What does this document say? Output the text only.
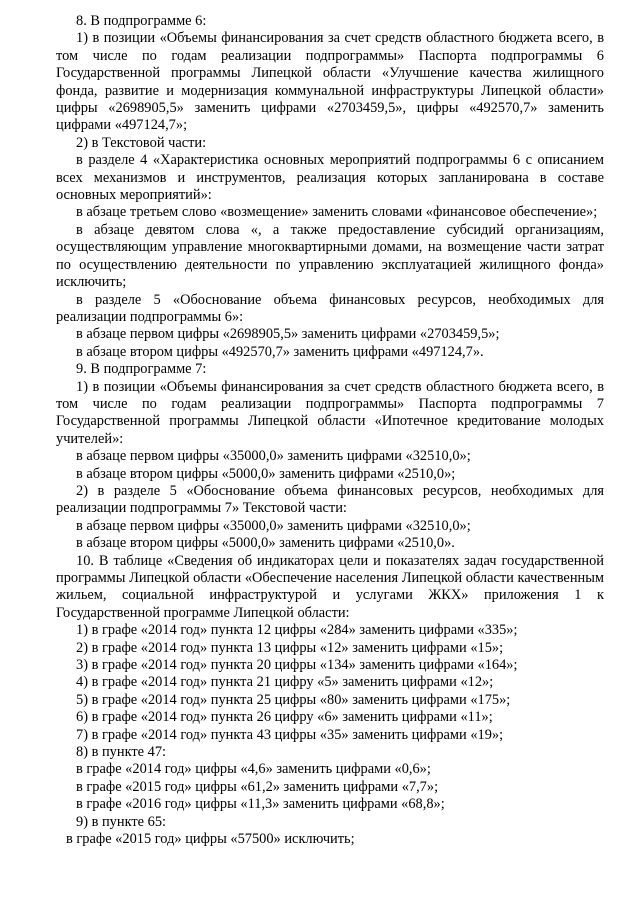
8. В подпрограмме 6:

1) в позиции «Объемы финансирования за счет средств областного бюджета всего, в том числе по годам реализации подпрограммы» Паспорта подпрограммы 6 Государственной программы Липецкой области «Улучшение качества жилищного фонда, развитие и модернизация коммунальной инфраструктуры Липецкой области» цифры «2698905,5» заменить цифрами «2703459,5», цифры «492570,7» заменить цифрами «497124,7»;

2) в Текстовой части:

в разделе 4 «Характеристика основных мероприятий подпрограммы 6 с описанием всех механизмов и инструментов, реализация которых запланирована в составе основных мероприятий»:

в абзаце третьем слово «возмещение» заменить словами «финансовое обеспечение»;

в абзаце девятом слова «, а также предоставление субсидий организациям, осуществляющим управление многоквартирными домами, на возмещение части затрат по осуществлению деятельности по управлению эксплуатацией жилищного фонда» исключить;

в разделе 5 «Обоснование объема финансовых ресурсов, необходимых для реализации подпрограммы 6»:

в абзаце первом цифры «2698905,5» заменить цифрами «2703459,5»;

в абзаце втором цифры «492570,7» заменить цифрами «497124,7».

9. В подпрограмме 7:

1) в позиции «Объемы финансирования за счет средств областного бюджета всего, в том числе по годам реализации подпрограммы» Паспорта подпрограммы 7 Государственной программы Липецкой области «Ипотечное кредитование молодых учителей»:

в абзаце первом цифры «35000,0» заменить цифрами «32510,0»;

в абзаце втором цифры «5000,0» заменить цифрами «2510,0»;

2) в разделе 5 «Обоснование объема финансовых ресурсов, необходимых для реализации подпрограммы 7» Текстовой части:

в абзаце первом цифры «35000,0» заменить цифрами «32510,0»;

в абзаце втором цифры «5000,0» заменить цифрами «2510,0».

10. В таблице «Сведения об индикаторах цели и показателях задач государственной программы Липецкой области «Обеспечение населения Липецкой области качественным жильем, социальной инфраструктурой и услугами ЖКХ» приложения 1 к Государственной программе Липецкой области:

1) в графе «2014 год» пункта 12 цифры «284» заменить цифрами «335»;

2) в графе «2014 год» пункта 13 цифры «12» заменить цифрами «15»;

3) в графе «2014 год» пункта 20 цифры «134» заменить цифрами «164»;

4) в графе «2014 год» пункта 21 цифру «5» заменить цифрами «12»;

5) в графе «2014 год» пункта 25 цифры «80» заменить цифрами «175»;

6) в графе «2014 год» пункта 26 цифру «6» заменить цифрами «11»;

7) в графе «2014 год» пункта 43 цифры «35» заменить цифрами «19»;

8) в пункте 47:

в графе «2014 год» цифры «4,6» заменить цифрами «0,6»;

в графе «2015 год» цифры «61,2» заменить цифрами «7,7»;

в графе «2016 год» цифры «11,3» заменить цифрами «68,8»;

9) в пункте 65:

в графе «2015 год» цифры «57500» исключить;
